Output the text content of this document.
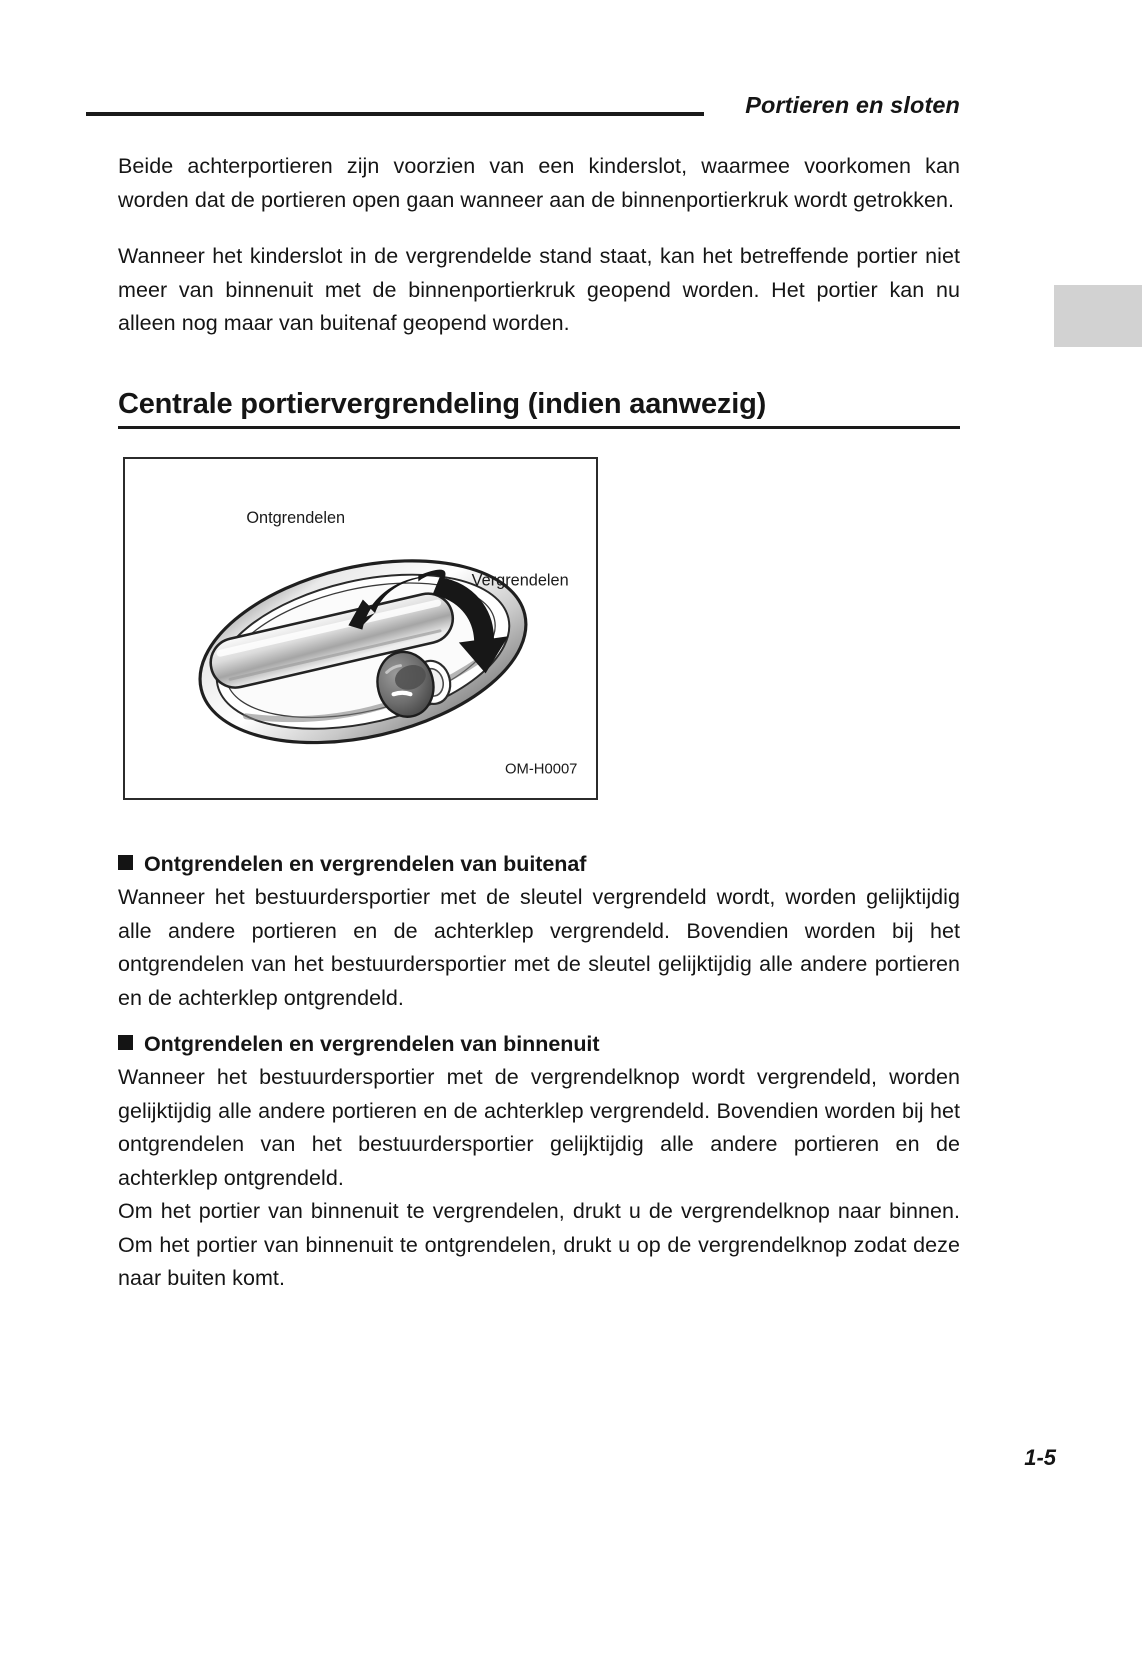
Portieren en sloten

Beide achterportieren zijn voorzien van een kinderslot, waarmee voorkomen kan worden dat de portieren open gaan wanneer aan de binnenportierkruk wordt getrokken.

Wanneer het kinderslot in de vergrendelde stand staat, kan het betreffende portier niet meer van binnenuit met de binnenportierkruk geopend worden. Het portier kan nu alleen nog maar van buitenaf geopend worden.

Centrale portiervergrendeling (indien aanwezig)
Ontgrendelen
Vergrendelen
OM-H0007
Ontgrendelen en vergrendelen van buitenaf

Wanneer het bestuurdersportier met de sleutel vergrendeld wordt, worden gelijktijdig alle andere portieren en de achterklep vergrendeld. Bovendien worden bij het ontgrendelen van het bestuurdersportier met de sleutel gelijktijdig alle andere portieren en de achterklep ontgrendeld.

Ontgrendelen en vergrendelen van binnenuit

Wanneer het bestuurdersportier met de vergrendelknop wordt vergrendeld, worden gelijktijdig alle andere portieren en de achterklep vergrendeld. Bovendien worden bij het ontgrendelen van het bestuurdersportier gelijktijdig alle andere portieren en de achterklep ontgrendeld.

Om het portier van binnenuit te vergrendelen, drukt u de vergrendelknop naar binnen. Om het portier van binnenuit te ontgrendelen, drukt u op de vergrendelknop zodat deze naar buiten komt.

1-5
